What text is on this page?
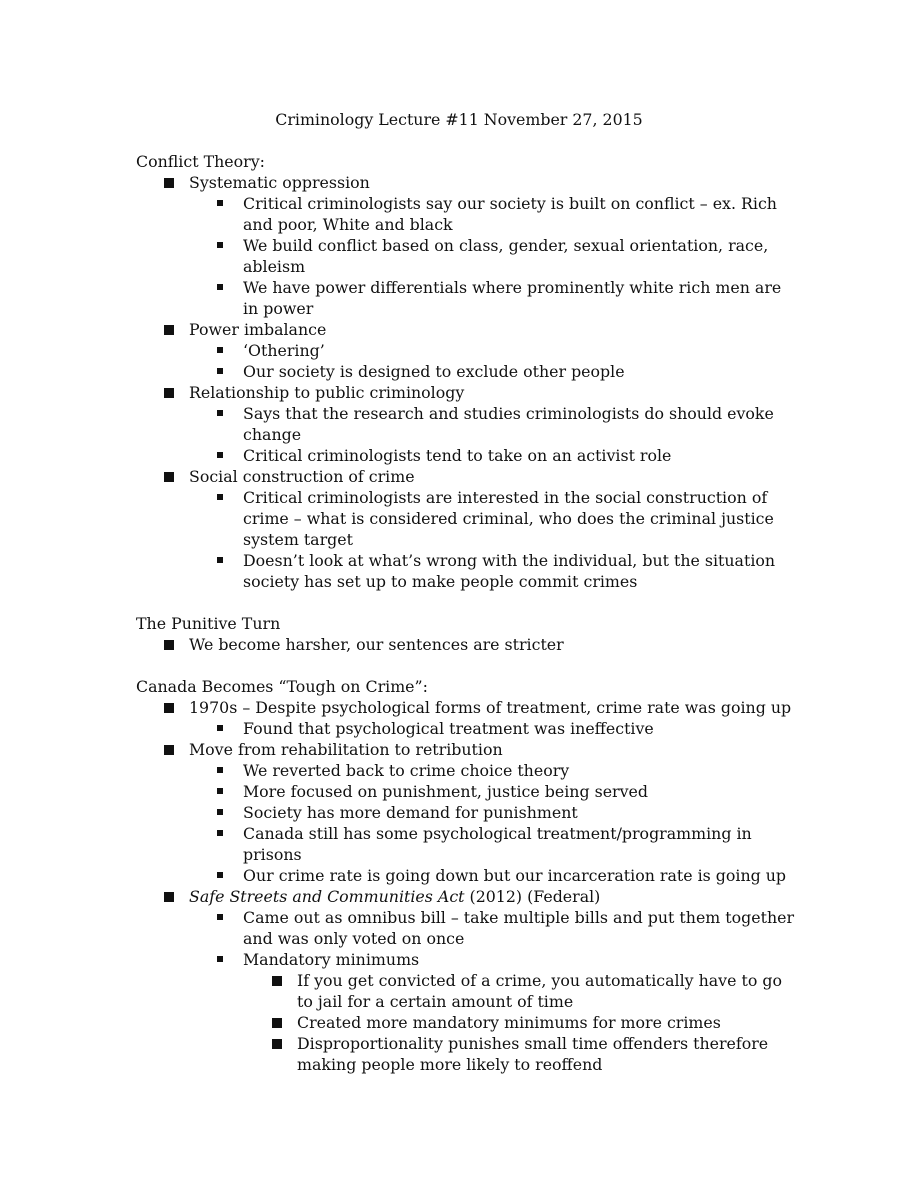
Criminology Lecture #11 November 27, 2015
Conflict Theory:
Systematic oppression
Critical criminologists say our society is built on conflict – ex. Rich and poor, White and black
We build conflict based on class, gender, sexual orientation, race, ableism
We have power differentials where prominently white rich men are in power
Power imbalance
‘Othering’
Our society is designed to exclude other people
Relationship to public criminology
Says that the research and studies criminologists do should evoke change
Critical criminologists tend to take on an activist role
Social construction of crime
Critical criminologists are interested in the social construction of crime – what is considered criminal, who does the criminal justice system target
Doesn’t look at what’s wrong with the individual, but the situation society has set up to make people commit crimes
The Punitive Turn
We become harsher, our sentences are stricter
Canada Becomes “Tough on Crime”:
1970s – Despite psychological forms of treatment, crime rate was going up
Found that psychological treatment was ineffective
Move from rehabilitation to retribution
We reverted back to crime choice theory
More focused on punishment, justice being served
Society has more demand for punishment
Canada still has some psychological treatment/programming in prisons
Our crime rate is going down but our incarceration rate is going up
Safe Streets and Communities Act (2012) (Federal)
Came out as omnibus bill – take multiple bills and put them together and was only voted on once
Mandatory minimums
If you get convicted of a crime, you automatically have to go to jail for a certain amount of time
Created more mandatory minimums for more crimes
Disproportionality punishes small time offenders therefore making people more likely to reoffend
